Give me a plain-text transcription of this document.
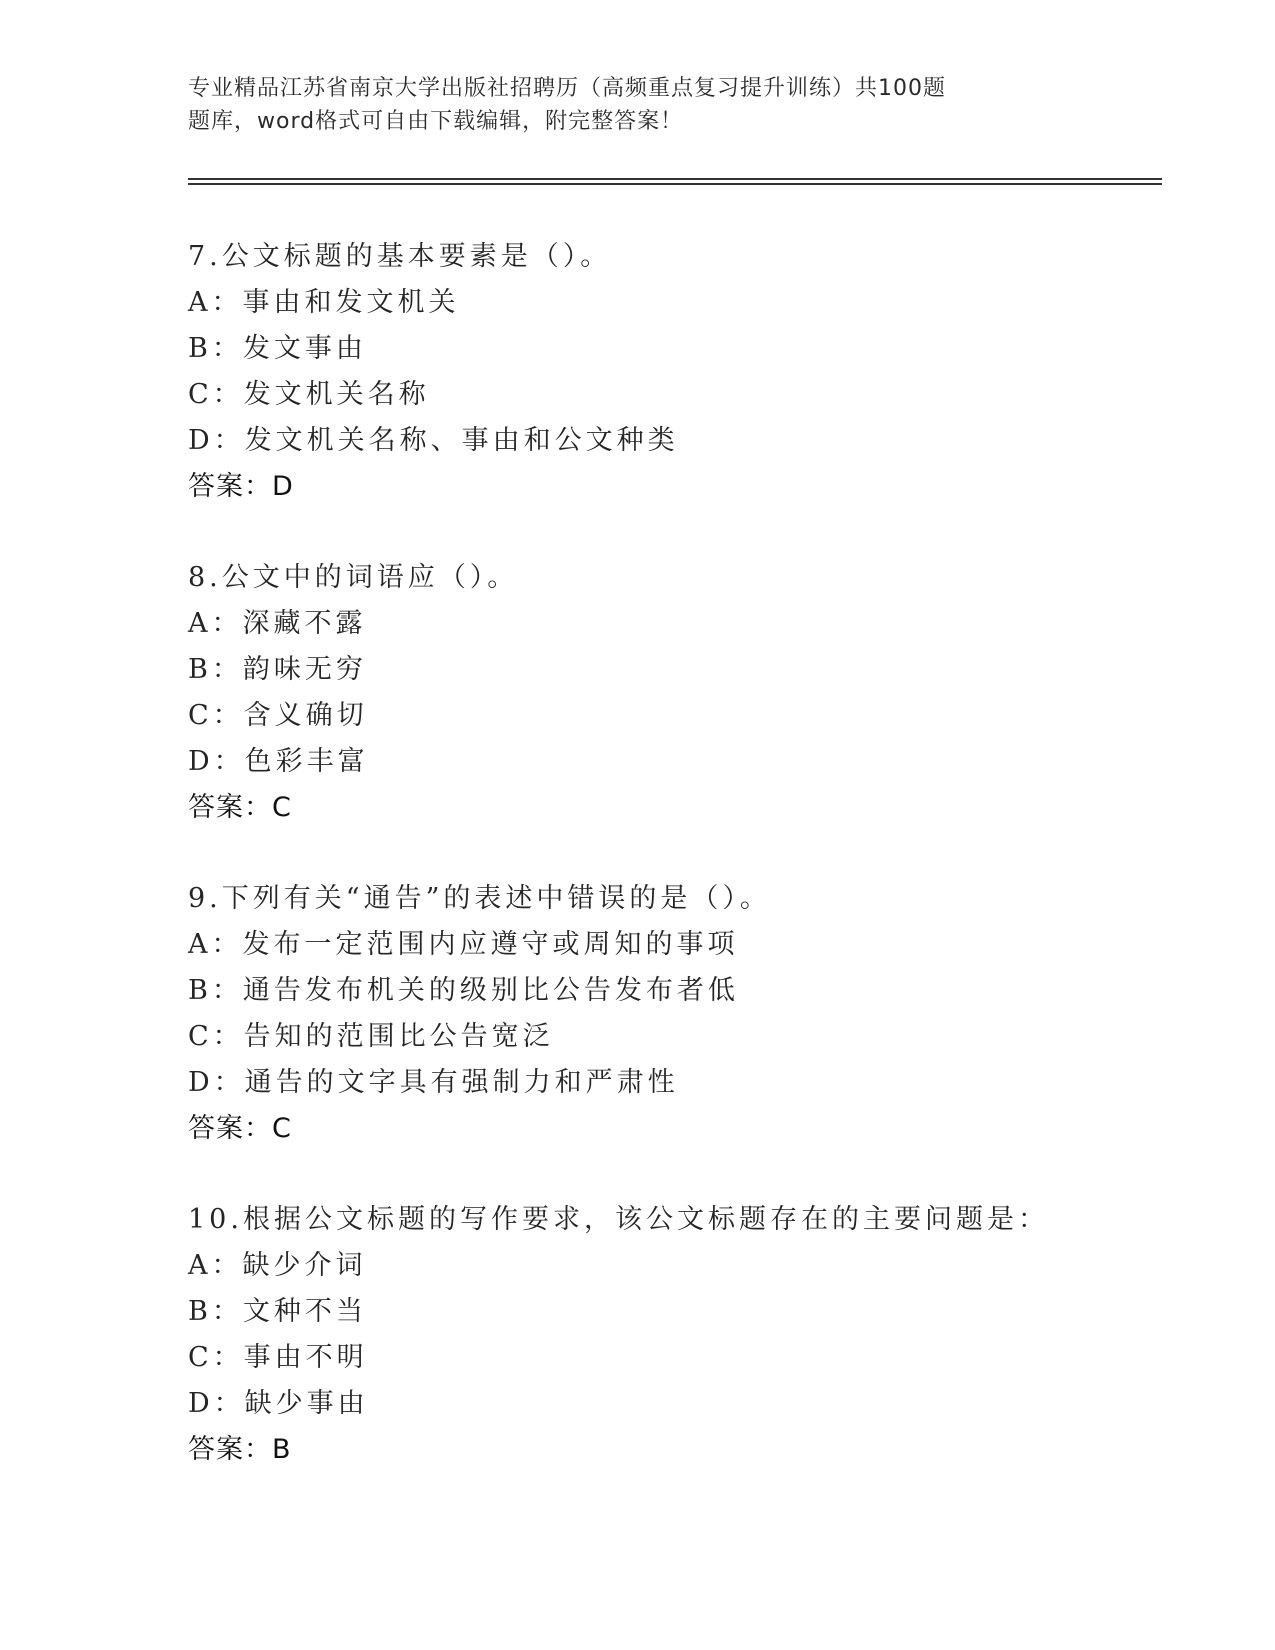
专业精品江苏省南京大学出版社招聘历（高频重点复习提升训练）共100题
题库，word格式可自由下载编辑，附完整答案！
7.公文标题的基本要素是（）。
A：事由和发文机关
B：发文事由
C：发文机关名称
D：发文机关名称、事由和公文种类
答案：D
8.公文中的词语应（）。
A：深藏不露
B：韵味无穷
C：含义确切
D：色彩丰富
答案：C
9.下列有关“通告”的表述中错误的是（）。
A：发布一定范围内应遵守或周知的事项
B：通告发布机关的级别比公告发布者低
C：告知的范围比公告宽泛
D：通告的文字具有强制力和严肃性
答案：C
10.根据公文标题的写作要求，该公文标题存在的主要问题是：
A：缺少介词
B：文种不当
C：事由不明
D：缺少事由
答案：B
